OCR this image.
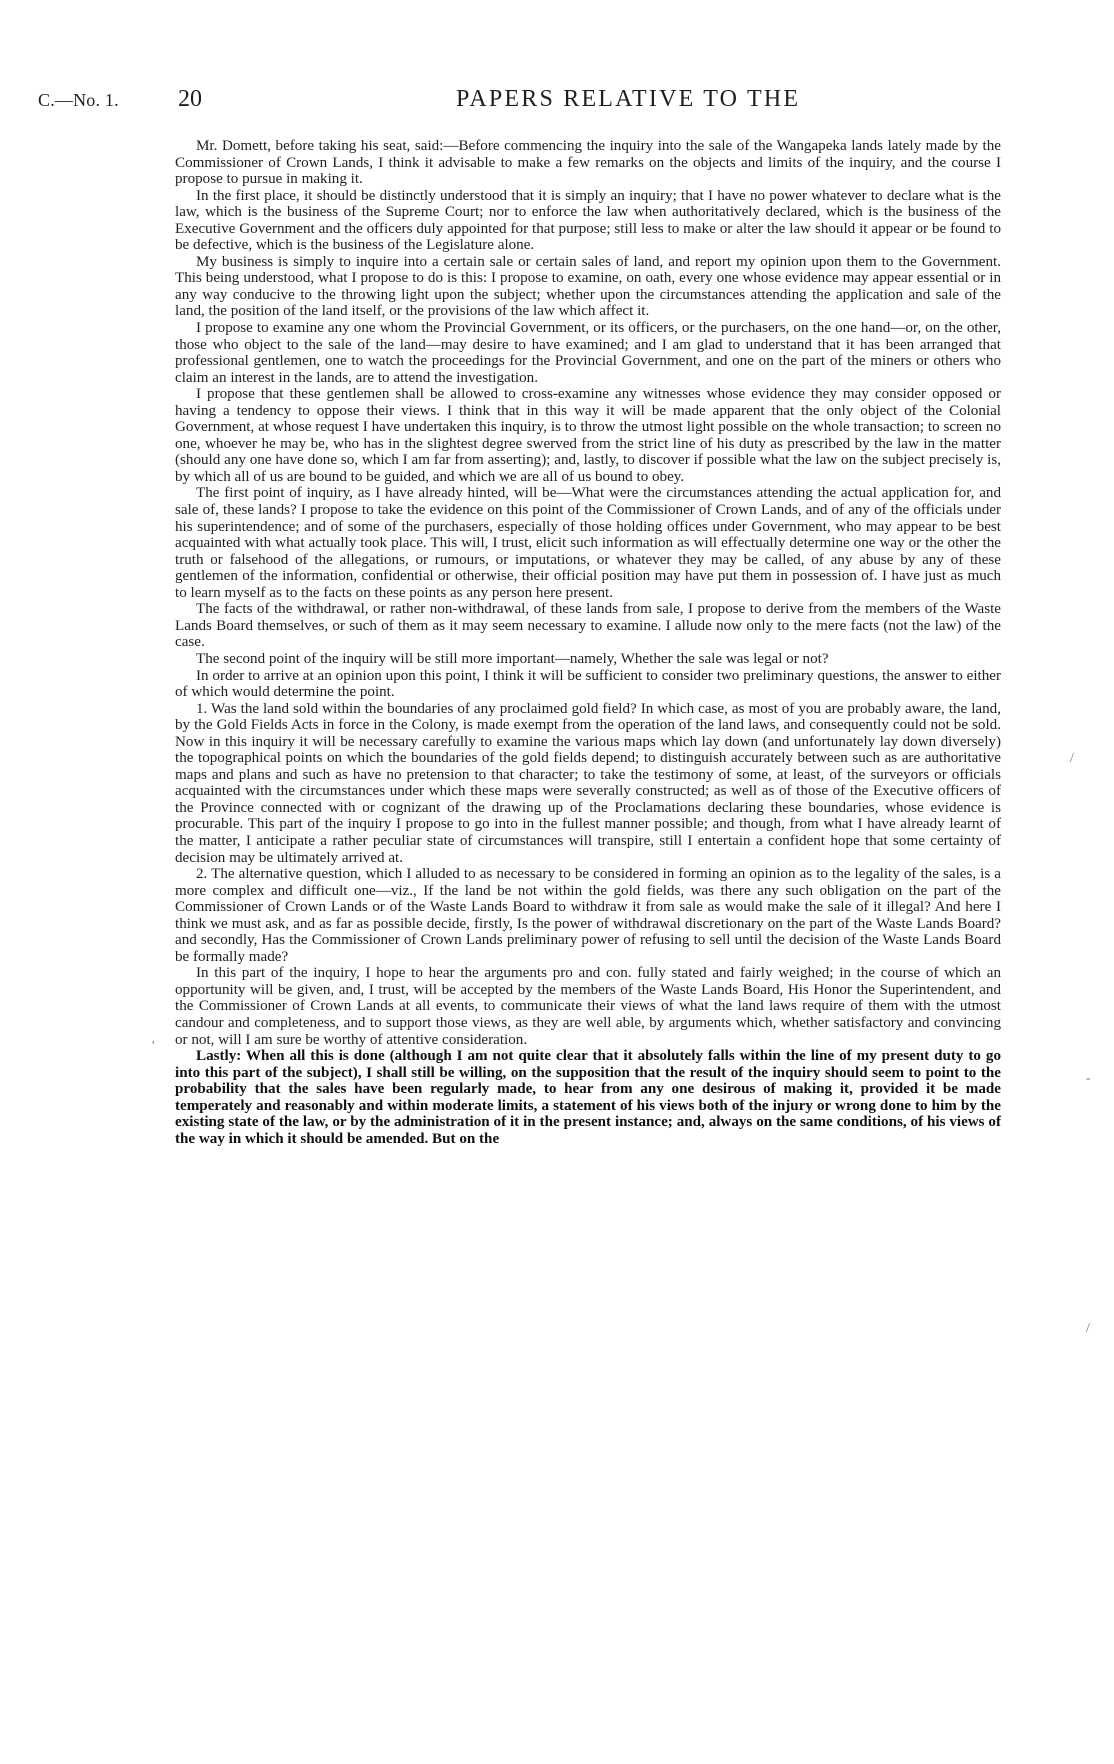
C.—No. 1. 20	PAPERS RELATIVE TO THE

Mr. Domett, before taking his seat, said:—Before commencing the inquiry into the sale of the Wangapeka lands lately made by the Commissioner of Crown Lands, I think it advisable to make a few remarks on the objects and limits of the inquiry, and the course I propose to pursue in making it.

In the first place, it should be distinctly understood that it is simply an inquiry; that I have no power whatever to declare what is the law, which is the business of the Supreme Court; nor to enforce the law when authoritatively declared, which is the business of the Executive Government and the officers duly appointed for that purpose; still less to make or alter the law should it appear or be found to be defective, which is the business of the Legislature alone.

My business is simply to inquire into a certain sale or certain sales of land, and report my opinion upon them to the Government. This being understood, what I propose to do is this: I propose to examine, on oath, every one whose evidence may appear essential or in any way conducive to the throwing light upon the subject; whether upon the circumstances attending the application and sale of the land, the position of the land itself, or the provisions of the law which affect it.

I propose to examine any one whom the Provincial Government, or its officers, or the purchasers, on the one hand—or, on the other, those who object to the sale of the land—may desire to have examined; and I am glad to understand that it has been arranged that professional gentlemen, one to watch the proceedings for the Provincial Government, and one on the part of the miners or others who claim an interest in the lands, are to attend the investigation.

I propose that these gentlemen shall be allowed to cross-examine any witnesses whose evidence they may consider opposed or having a tendency to oppose their views. I think that in this way it will be made apparent that the only object of the Colonial Government, at whose request I have undertaken this inquiry, is to throw the utmost light possible on the whole transaction; to screen no one, whoever he may be, who has in the slightest degree swerved from the strict line of his duty as prescribed by the law in the matter (should any one have done so, which I am far from asserting); and, lastly, to discover if possible what the law on the subject precisely is, by which all of us are bound to be guided, and which we are all of us bound to obey.

The first point of inquiry, as I have already hinted, will be—What were the circumstances attending the actual application for, and sale of, these lands? I propose to take the evidence on this point of the Commissioner of Crown Lands, and of any of the officials under his superintendence; and of some of the purchasers, especially of those holding offices under Government, who may appear to be best acquainted with what actually took place. This will, I trust, elicit such information as will effectually determine one way or the other the truth or falsehood of the allegations, or rumours, or imputations, or whatever they may be called, of any abuse by any of these gentlemen of the information, confidential or otherwise, their official position may have put them in possession of. I have just as much to learn myself as to the facts on these points as any person here present.

The facts of the withdrawal, or rather non-withdrawal, of these lands from sale, I propose to derive from the members of the Waste Lands Board themselves, or such of them as it may seem necessary to examine. I allude now only to the mere facts (not the law) of the case.

The second point of the inquiry will be still more important—namely, Whether the sale was legal or not?

In order to arrive at an opinion upon this point, I think it will be sufficient to consider two preliminary questions, the answer to either of which would determine the point.

1. Was the land sold within the boundaries of any proclaimed gold field? In which case, as most of you are probably aware, the land, by the Gold Fields Acts in force in the Colony, is made exempt from the operation of the land laws, and consequently could not be sold. Now in this inquiry it will be necessary carefully to examine the various maps which lay down (and unfortunately lay down diversely) the topographical points on which the boundaries of the gold fields depend; to distinguish accurately between such as are authoritative maps and plans and such as have no pretension to that character; to take the testimony of some, at least, of the surveyors or officials acquainted with the circumstances under which these maps were severally constructed; as well as of those of the Executive officers of the Province connected with or cognizant of the drawing up of the Proclamations declaring these boundaries, whose evidence is procurable. This part of the inquiry I propose to go into in the fullest manner possible; and though, from what I have already learnt of the matter, I anticipate a rather peculiar state of circumstances will transpire, still I entertain a confident hope that some certainty of decision may be ultimately arrived at.

2. The alternative question, which I alluded to as necessary to be considered in forming an opinion as to the legality of the sales, is a more complex and difficult one—viz., If the land be not within the gold fields, was there any such obligation on the part of the Commissioner of Crown Lands or of the Waste Lands Board to withdraw it from sale as would make the sale of it illegal? And here I think we must ask, and as far as possible decide, firstly, Is the power of withdrawal discretionary on the part of the Waste Lands Board? and secondly, Has the Commissioner of Crown Lands preliminary power of refusing to sell until the decision of the Waste Lands Board be formally made?

In this part of the inquiry, I hope to hear the arguments pro and con. fully stated and fairly weighed; in the course of which an opportunity will be given, and, I trust, will be accepted by the members of the Waste Lands Board, His Honor the Superintendent, and the Commissioner of Crown Lands at all events, to communicate their views of what the land laws require of them with the utmost candour and completeness, and to support those views, as they are well able, by arguments which, whether satisfactory and convincing or not, will I am sure be worthy of attentive consideration.

Lastly: When all this is done (although I am not quite clear that it absolutely falls within the line of my present duty to go into this part of the subject), I shall still be willing, on the supposition that the result of the inquiry should seem to point to the probability that the sales have been regularly made, to hear from any one desirous of making it, provided it be made temperately and reasonably and within moderate limits, a statement of his views both of the injury or wrong done to him by the existing state of the law, or by the administration of it in the present instance; and, always on the same conditions, of his views of the way in which it should be amended. But on the

/
'
-
/
